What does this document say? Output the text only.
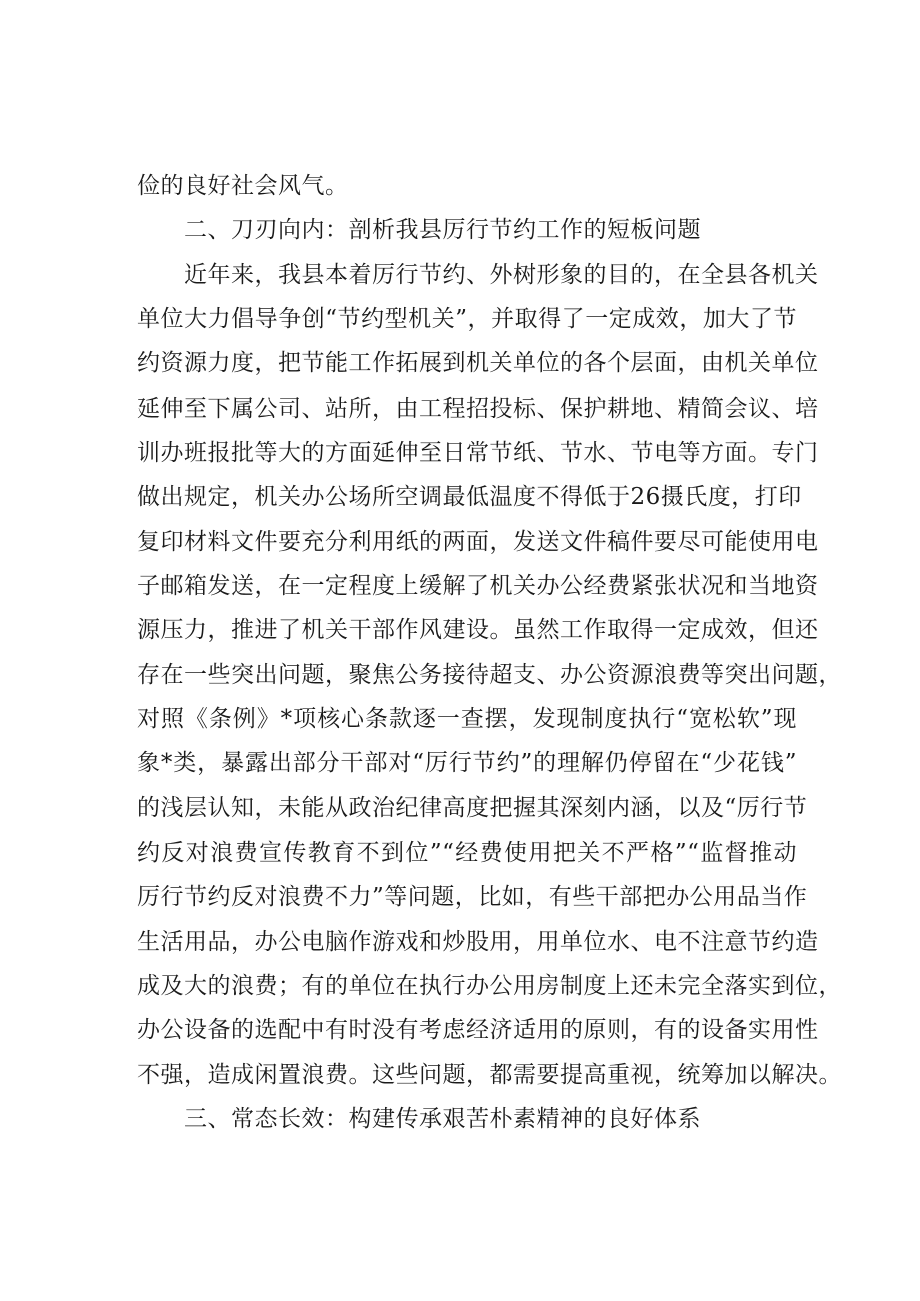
俭的良好社会风气。
二、刀刃向内：剖析我县厉行节约工作的短板问题
近年来，我县本着厉行节约、外树形象的目的，在全县各机关
单位大力倡导争创“节约型机关”，并取得了一定成效，加大了节
约资源力度，把节能工作拓展到机关单位的各个层面，由机关单位
延伸至下属公司、站所，由工程招投标、保护耕地、精简会议、培
训办班报批等大的方面延伸至日常节纸、节水、节电等方面。专门
做出规定，机关办公场所空调最低温度不得低于26摄氏度，打印
复印材料文件要充分利用纸的两面，发送文件稿件要尽可能使用电
子邮箱发送，在一定程度上缓解了机关办公经费紧张状况和当地资
源压力，推进了机关干部作风建设。虽然工作取得一定成效，但还
存在一些突出问题，聚焦公务接待超支、办公资源浪费等突出问题，
对照《条例》*项核心条款逐一查摆，发现制度执行“宽松软”现
象*类，暴露出部分干部对“厉行节约”的理解仍停留在“少花钱”
的浅层认知，未能从政治纪律高度把握其深刻内涵，以及“厉行节
约反对浪费宣传教育不到位”“经费使用把关不严格”“监督推动
厉行节约反对浪费不力”等问题，比如，有些干部把办公用品当作
生活用品，办公电脑作游戏和炒股用，用单位水、电不注意节约造
成及大的浪费；有的单位在执行办公用房制度上还未完全落实到位，
办公设备的选配中有时没有考虑经济适用的原则，有的设备实用性
不强，造成闲置浪费。这些问题，都需要提高重视，统筹加以解决。
三、常态长效：构建传承艰苦朴素精神的良好体系
